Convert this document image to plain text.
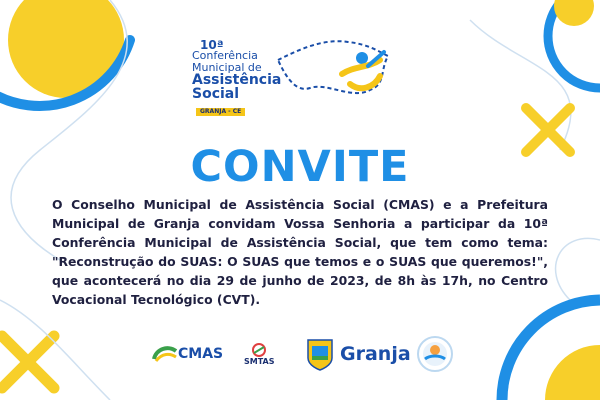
10ª
Conferência
Municipal de
Assistência
Social
GRANJA - CE
CONVITE
O Conselho Municipal de Assistência Social (CMAS) e a Prefeitura Municipal de Granja convidam Vossa Senhoria a participar da 10ª Conferência Municipal de Assistência Social, que tem como tema: "Reconstrução do SUAS: O SUAS que temos e o SUAS que queremos!", que acontecerá no dia 29 de junho de 2023, de 8h às 17h, no Centro Vocacional Tecnológico (CVT).
CMAS	SMTAS	Granja
